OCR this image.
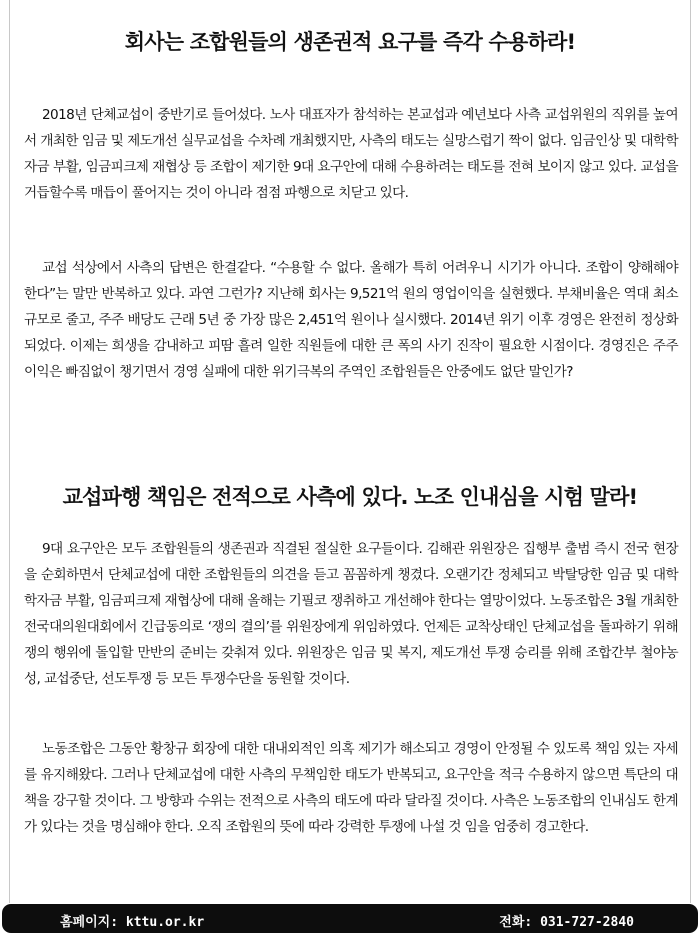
회사는 조합원들의 생존권적 요구를 즉각 수용하라!

2018년 단체교섭이 중반기로 들어섰다. 노사 대표자가 참석하는 본교섭과 예년보다 사측 교섭위원의 직위를 높여서 개최한 임금 및 제도개선 실무교섭을 수차례 개최했지만, 사측의 태도는 실망스럽기 짝이 없다. 임금인상 및 대학학자금 부활, 임금피크제 재협상 등 조합이 제기한 9대 요구안에 대해 수용하려는 태도를 전혀 보이지 않고 있다. 교섭을 거듭할수록 매듭이 풀어지는 것이 아니라 점점 파행으로 치닫고 있다.

교섭 석상에서 사측의 답변은 한결같다. “수용할 수 없다. 올해가 특히 어려우니 시기가 아니다. 조합이 양해해야 한다”는 말만 반복하고 있다. 과연 그런가? 지난해 회사는 9,521억 원의 영업이익을 실현했다. 부채비율은 역대 최소 규모로 줄고, 주주 배당도 근래 5년 중 가장 많은 2,451억 원이나 실시했다. 2014년 위기 이후 경영은 완전히 정상화되었다. 이제는 희생을 감내하고 피땀 흘려 일한 직원들에 대한 큰 폭의 사기 진작이 필요한 시점이다. 경영진은 주주 이익은 빠짐없이 챙기면서 경영 실패에 대한 위기극복의 주역인 조합원들은 안중에도 없단 말인가?

교섭파행 책임은 전적으로 사측에 있다. 노조 인내심을 시험 말라!

9대 요구안은 모두 조합원들의 생존권과 직결된 절실한 요구들이다. 김해관 위원장은 집행부 출범 즉시 전국 현장을 순회하면서 단체교섭에 대한 조합원들의 의견을 듣고 꼼꼼하게 챙겼다. 오랜기간 정체되고 박탈당한 임금 및 대학학자금 부활, 임금피크제 재협상에 대해 올해는 기필코 쟁취하고 개선해야 한다는 열망이었다. 노동조합은 3월 개최한 전국대의원대회에서 긴급동의로 ‘쟁의 결의’를 위원장에게 위임하였다. 언제든 교착상태인 단체교섭을 돌파하기 위해 쟁의 행위에 돌입할 만반의 준비는 갖춰져 있다. 위원장은 임금 및 복지, 제도개선 투쟁 승리를 위해 조합간부 철야농성, 교섭중단, 선도투쟁 등 모든 투쟁수단을 동원할 것이다.

노동조합은 그동안 황창규 회장에 대한 대내외적인 의혹 제기가 해소되고 경영이 안정될 수 있도록 책임 있는 자세를 유지해왔다. 그러나 단체교섭에 대한 사측의 무책임한 태도가 반복되고, 요구안을 적극 수용하지 않으면 특단의 대책을 강구할 것이다. 그 방향과 수위는 전적으로 사측의 태도에 따라 달라질 것이다. 사측은 노동조합의 인내심도 한계가 있다는 것을 명심해야 한다. 오직 조합원의 뜻에 따라 강력한 투쟁에 나설 것 임을 엄중히 경고한다.

홈페이지: kttu.or.kr	전화: 031-727-2840
